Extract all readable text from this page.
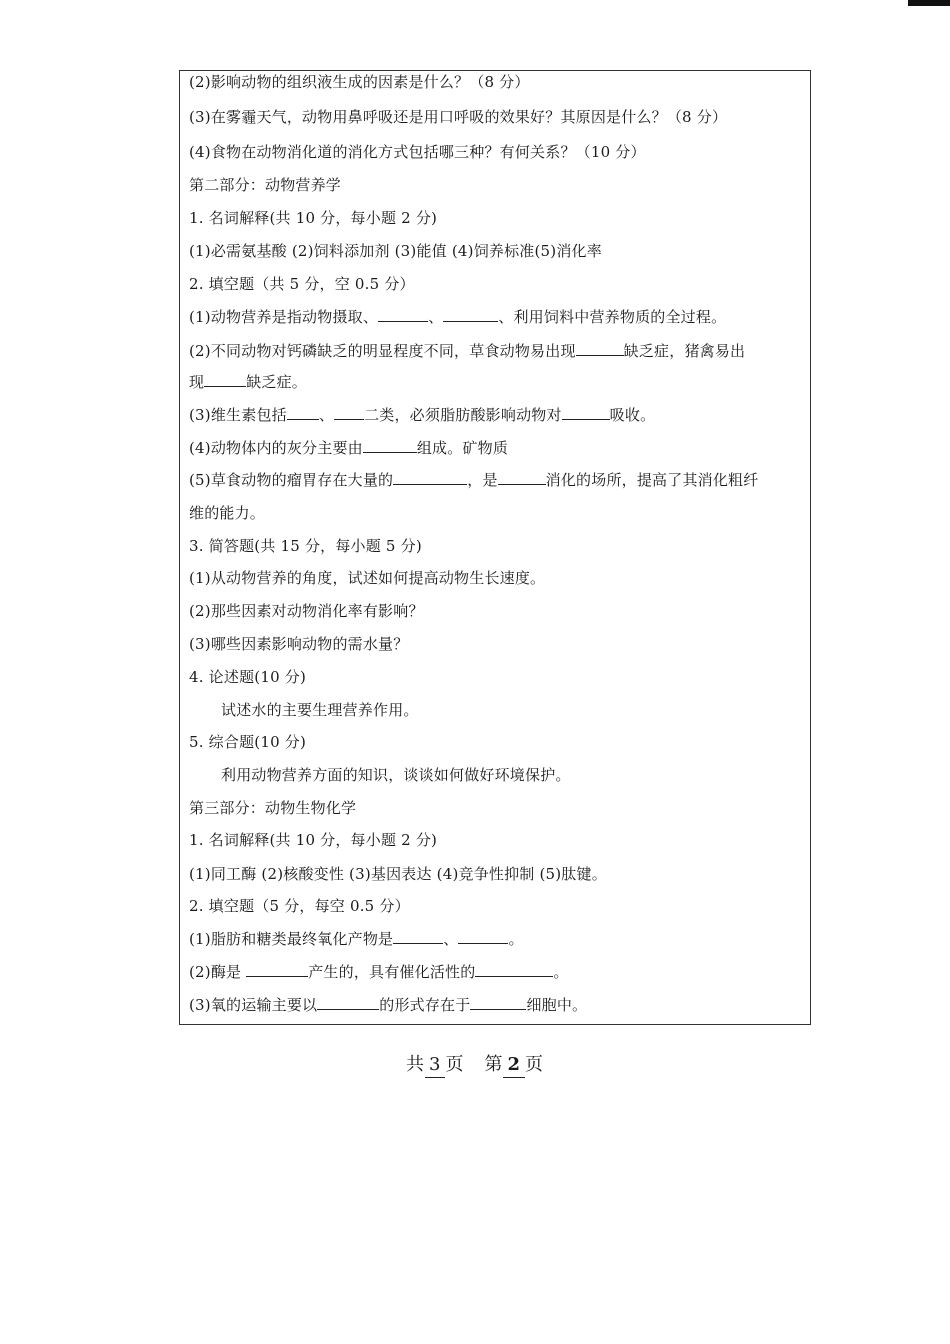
(2)影响动物的组织液生成的因素是什么？（8 分）
(3)在雾霾天气，动物用鼻呼吸还是用口呼吸的效果好？其原因是什么？（8 分）
(4)食物在动物消化道的消化方式包括哪三种？有何关系？（10 分）
第二部分：动物营养学
1. 名词解释(共 10 分，每小题 2 分)
(1)必需氨基酸 (2)饲料添加剂 (3)能值 (4)饲养标准(5)消化率
2. 填空题（共 5 分，空 0.5 分）
(1)动物营养是指动物摄取、	、	、利用饲料中营养物质的全过程。
(2)不同动物对钙磷缺乏的明显程度不同，草食动物易出现	缺乏症，猪禽易出
现	缺乏症。
(3)维生素包括 、 二类，必须脂肪酸影响动物对	吸收。
(4)动物体内的灰分主要由	组成。矿物质
(5)草食动物的瘤胃存在大量的	，是	消化的场所，提高了其消化粗纤
维的能力。
3. 简答题(共 15 分，每小题 5 分)
(1)从动物营养的角度，试述如何提高动物生长速度。
(2)那些因素对动物消化率有影响？
(3)哪些因素影响动物的需水量？
4. 论述题(10 分)
试述水的主要生理营养作用。
5. 综合题(10 分)
利用动物营养方面的知识，谈谈如何做好环境保护。
第三部分：动物生物化学
1. 名词解释(共 10 分，每小题 2 分)
(1)同工酶 (2)核酸变性 (3)基因表达 (4)竞争性抑制 (5)肽键。
2. 填空题（5 分，每空 0.5 分）
(1)脂肪和糖类最终氧化产物是	、	。
(2)酶是	产生的，具有催化活性的	。
(3)氧的运输主要以	的形式存在于	细胞中。
共 3 页 第 2 页
